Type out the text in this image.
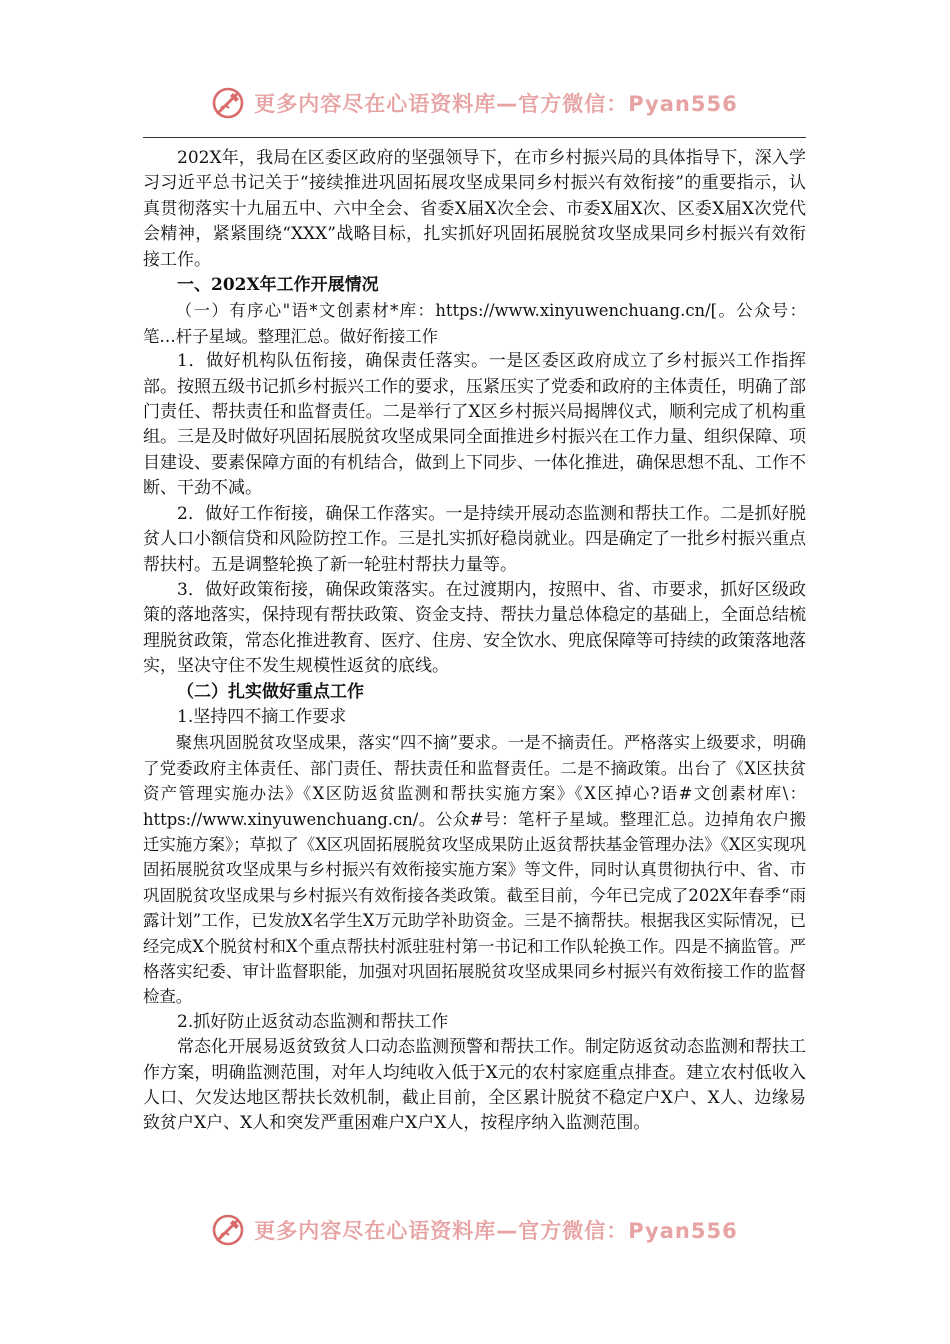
更多内容尽在心语资料库—官方微信：Pyan556

202X年，我局在区委区政府的坚强领导下，在市乡村振兴局的具体指导下，深入学习习近平总书记关于“接续推进巩固拓展攻坚成果同乡村振兴有效衔接”的重要指示，认真贯彻落实十九届五中、六中全会、省委X届X次全会、市委X届X次、区委X届X次党代会精神，紧紧围绕“XXX”战略目标，扎实抓好巩固拓展脱贫攻坚成果同乡村振兴有效衔接工作。

一、202X年工作开展情况

（一）有序心"语*文创素材*库：https://www.xinyuwenchuang.cn/[。公众号：笔…杆子星域。整理汇总。做好衔接工作

1．做好机构队伍衔接，确保责任落实。一是区委区政府成立了乡村振兴工作指挥部。按照五级书记抓乡村振兴工作的要求，压紧压实了党委和政府的主体责任，明确了部门责任、帮扶责任和监督责任。二是举行了X区乡村振兴局揭牌仪式，顺利完成了机构重组。三是及时做好巩固拓展脱贫攻坚成果同全面推进乡村振兴在工作力量、组织保障、项目建设、要素保障方面的有机结合，做到上下同步、一体化推进，确保思想不乱、工作不断、干劲不减。

2．做好工作衔接，确保工作落实。一是持续开展动态监测和帮扶工作。二是抓好脱贫人口小额信贷和风险防控工作。三是扎实抓好稳岗就业。四是确定了一批乡村振兴重点帮扶村。五是调整轮换了新一轮驻村帮扶力量等。

3．做好政策衔接，确保政策落实。在过渡期内，按照中、省、市要求，抓好区级政策的落地落实，保持现有帮扶政策、资金支持、帮扶力量总体稳定的基础上，全面总结梳理脱贫政策，常态化推进教育、医疗、住房、安全饮水、兜底保障等可持续的政策落地落实，坚决守住不发生规模性返贫的底线。

（二）扎实做好重点工作

1.坚持四不摘工作要求

聚焦巩固脱贫攻坚成果，落实“四不摘”要求。一是不摘责任。严格落实上级要求，明确了党委政府主体责任、部门责任、帮扶责任和监督责任。二是不摘政策。出台了《X区扶贫资产管理实施办法》《X区防返贫监测和帮扶实施方案》《X区掉心?语#文创素材库\：https://www.xinyuwenchuang.cn/。公众#号：笔杆子星域。整理汇总。边掉角农户搬迁实施方案》；草拟了《X区巩固拓展脱贫攻坚成果防止返贫帮扶基金管理办法》《X区实现巩固拓展脱贫攻坚成果与乡村振兴有效衔接实施方案》等文件，同时认真贯彻执行中、省、市巩固脱贫攻坚成果与乡村振兴有效衔接各类政策。截至目前，今年已完成了202X年春季“雨露计划”工作，已发放X名学生X万元助学补助资金。三是不摘帮扶。根据我区实际情况，已经完成X个脱贫村和X个重点帮扶村派驻驻村第一书记和工作队轮换工作。四是不摘监管。严格落实纪委、审计监督职能，加强对巩固拓展脱贫攻坚成果同乡村振兴有效衔接工作的监督检查。

2.抓好防止返贫动态监测和帮扶工作

常态化开展易返贫致贫人口动态监测预警和帮扶工作。制定防返贫动态监测和帮扶工作方案，明确监测范围，对年人均纯收入低于X元的农村家庭重点排查。建立农村低收入人口、欠发达地区帮扶长效机制，截止目前，全区累计脱贫不稳定户X户、X人、边缘易致贫户X户、X人和突发严重困难户X户X人，按程序纳入监测范围。

更多内容尽在心语资料库—官方微信：Pyan556
